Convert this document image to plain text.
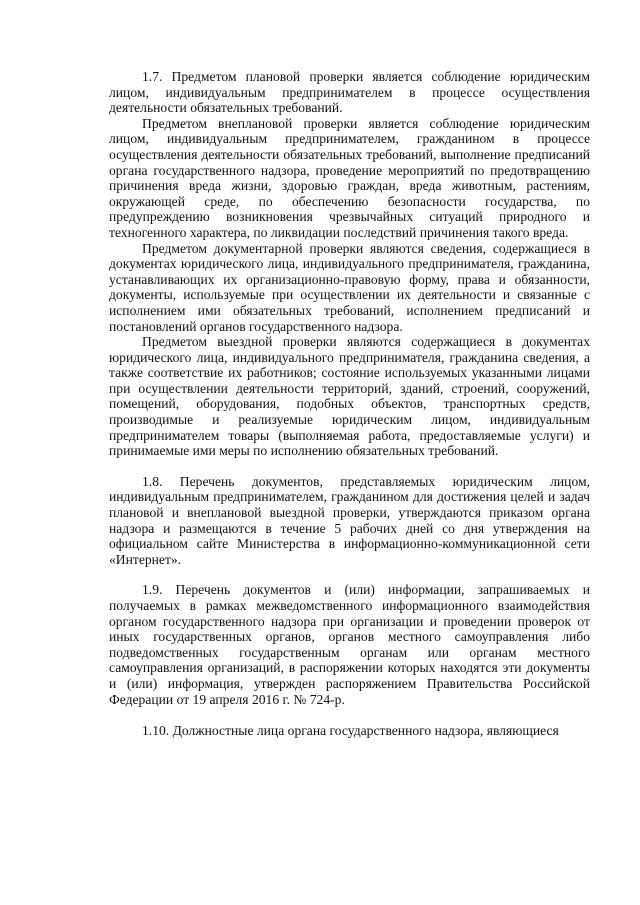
1.7. Предметом плановой проверки является соблюдение юридическим лицом, индивидуальным предпринимателем в процессе осуществления деятельности обязательных требований.

Предметом внеплановой проверки является соблюдение юридическим лицом, индивидуальным предпринимателем, гражданином в процессе осуществления деятельности обязательных требований, выполнение предписаний органа государственного надзора, проведение мероприятий по предотвращению причинения вреда жизни, здоровью граждан, вреда животным, растениям, окружающей среде, по обеспечению безопасности государства, по предупреждению возникновения чрезвычайных ситуаций природного и техногенного характера, по ликвидации последствий причинения такого вреда.

Предметом документарной проверки являются сведения, содержащиеся в документах юридического лица, индивидуального предпринимателя, гражданина, устанавливающих их организационно-правовую форму, права и обязанности, документы, используемые при осуществлении их деятельности и связанные с исполнением ими обязательных требований, исполнением предписаний и постановлений органов государственного надзора.

Предметом выездной проверки являются содержащиеся в документах юридического лица, индивидуального предпринимателя, гражданина сведения, а также соответствие их работников; состояние используемых указанными лицами при осуществлении деятельности территорий, зданий, строений, сооружений, помещений, оборудования, подобных объектов, транспортных средств, производимые и реализуемые юридическим лицом, индивидуальным предпринимателем товары (выполняемая работа, предоставляемые услуги) и принимаемые ими меры по исполнению обязательных требований.

1.8. Перечень документов, представляемых юридическим лицом, индивидуальным предпринимателем, гражданином для достижения целей и задач плановой и внеплановой выездной проверки, утверждаются приказом органа надзора и размещаются в течение 5 рабочих дней со дня утверждения на официальном сайте Министерства в информационно-коммуникационной сети «Интернет».

1.9. Перечень документов и (или) информации, запрашиваемых и получаемых в рамках межведомственного информационного взаимодействия органом государственного надзора при организации и проведении проверок от иных государственных органов, органов местного самоуправления либо подведомственных государственным органам или органам местного самоуправления организаций, в распоряжении которых находятся эти документы и (или) информация, утвержден распоряжением Правительства Российской Федерации от 19 апреля 2016 г. № 724-р.

1.10. Должностные лица органа государственного надзора, являющиеся
